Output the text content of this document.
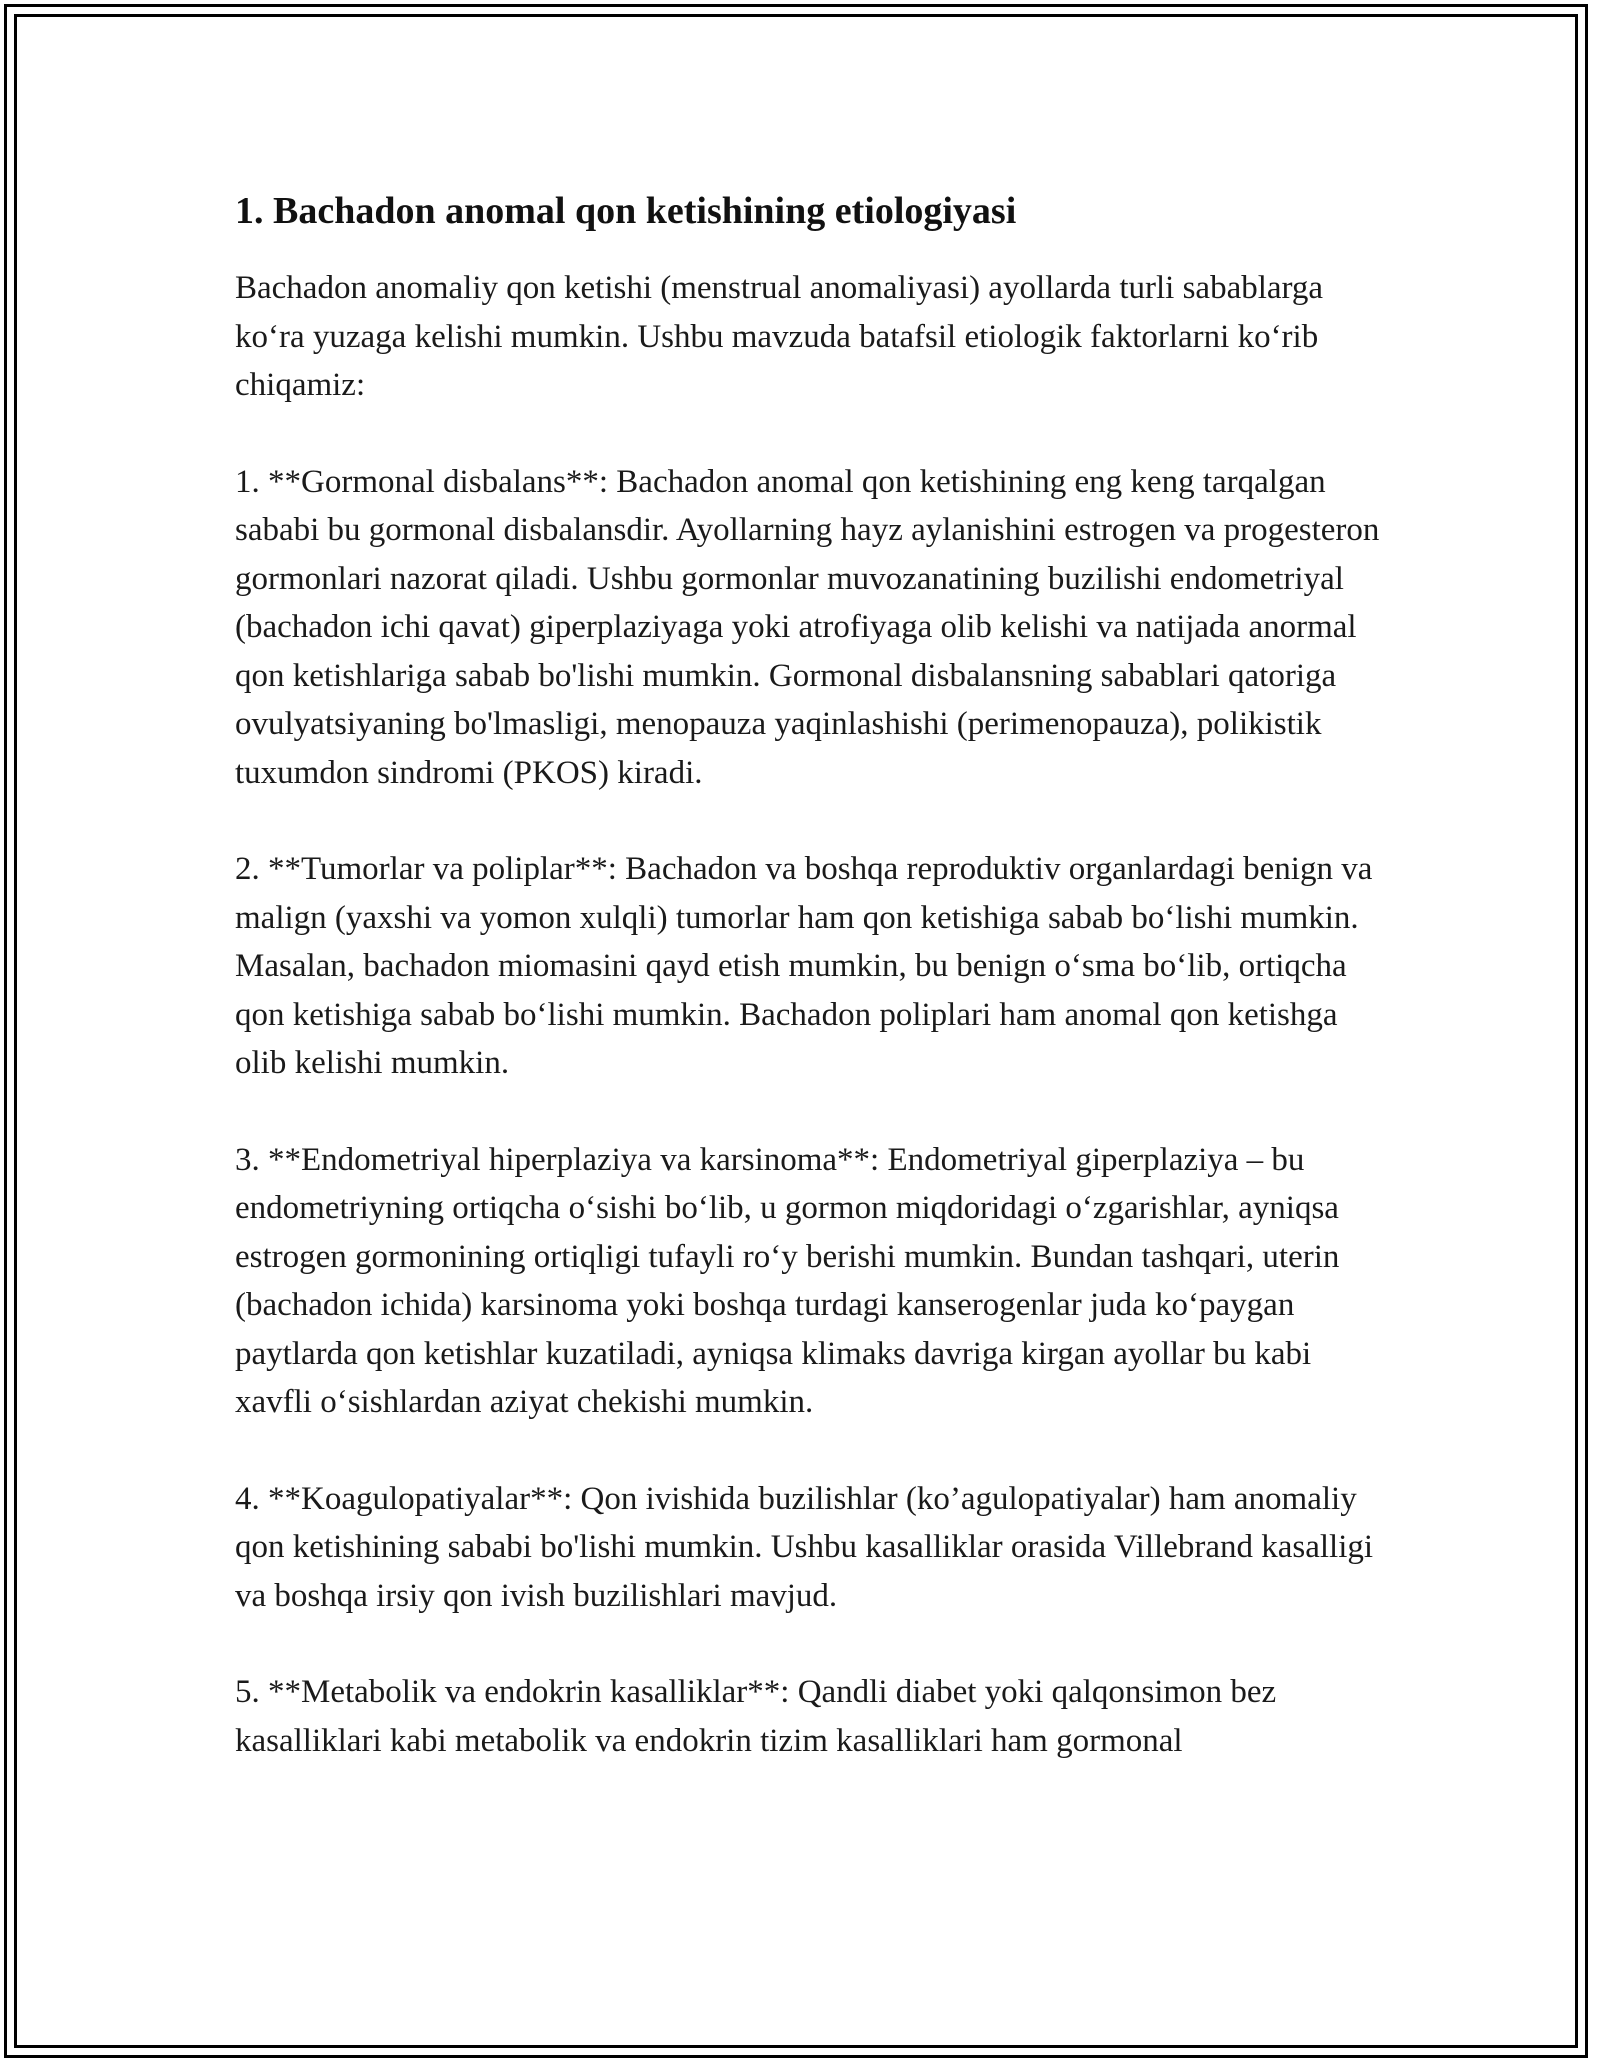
1. Bachadon anomal qon ketishining etiologiyasi

Bachadon anomaliy qon ketishi (menstrual anomaliyasi) ayollarda turli sabablarga ko‘ra yuzaga kelishi mumkin. Ushbu mavzuda batafsil etiologik faktorlarni ko‘rib chiqamiz:

1. **Gormonal disbalans**: Bachadon anomal qon ketishining eng keng tarqalgan sababi bu gormonal disbalansdir. Ayollarning hayz aylanishini estrogen va progesteron gormonlari nazorat qiladi. Ushbu gormonlar muvozanatining buzilishi endometriyal (bachadon ichi qavat) giperplaziyaga yoki atrofiyaga olib kelishi va natijada anormal qon ketishlariga sabab bo'lishi mumkin. Gormonal disbalansning sabablari qatoriga ovulyatsiyaning bo'lmasligi, menopauza yaqinlashishi (perimenopauza), polikistik tuxumdon sindromi (PKOS) kiradi.

2. **Tumorlar va poliplar**: Bachadon va boshqa reproduktiv organlardagi benign va malign (yaxshi va yomon xulqli) tumorlar ham qon ketishiga sabab bo‘lishi mumkin. Masalan, bachadon miomasini qayd etish mumkin, bu benign o‘sma bo‘lib, ortiqcha qon ketishiga sabab bo‘lishi mumkin. Bachadon poliplari ham anomal qon ketishga olib kelishi mumkin.

3. **Endometriyal hiperplaziya va karsinoma**: Endometriyal giperplaziya – bu endometriyning ortiqcha o‘sishi bo‘lib, u gormon miqdoridagi o‘zgarishlar, ayniqsa estrogen gormonining ortiqligi tufayli ro‘y berishi mumkin. Bundan tashqari, uterin (bachadon ichida) karsinoma yoki boshqa turdagi kanserogenlar juda ko‘paygan paytlarda qon ketishlar kuzatiladi, ayniqsa klimaks davriga kirgan ayollar bu kabi xavfli o‘sishlardan aziyat chekishi mumkin.

4. **Koagulopatiyalar**: Qon ivishida buzilishlar (ko’agulopatiyalar) ham anomaliy qon ketishining sababi bo'lishi mumkin. Ushbu kasalliklar orasida Villebrand kasalligi va boshqa irsiy qon ivish buzilishlari mavjud.

5. **Metabolik va endokrin kasalliklar**: Qandli diabet yoki qalqonsimon bez kasalliklari kabi metabolik va endokrin tizim kasalliklari ham gormonal
